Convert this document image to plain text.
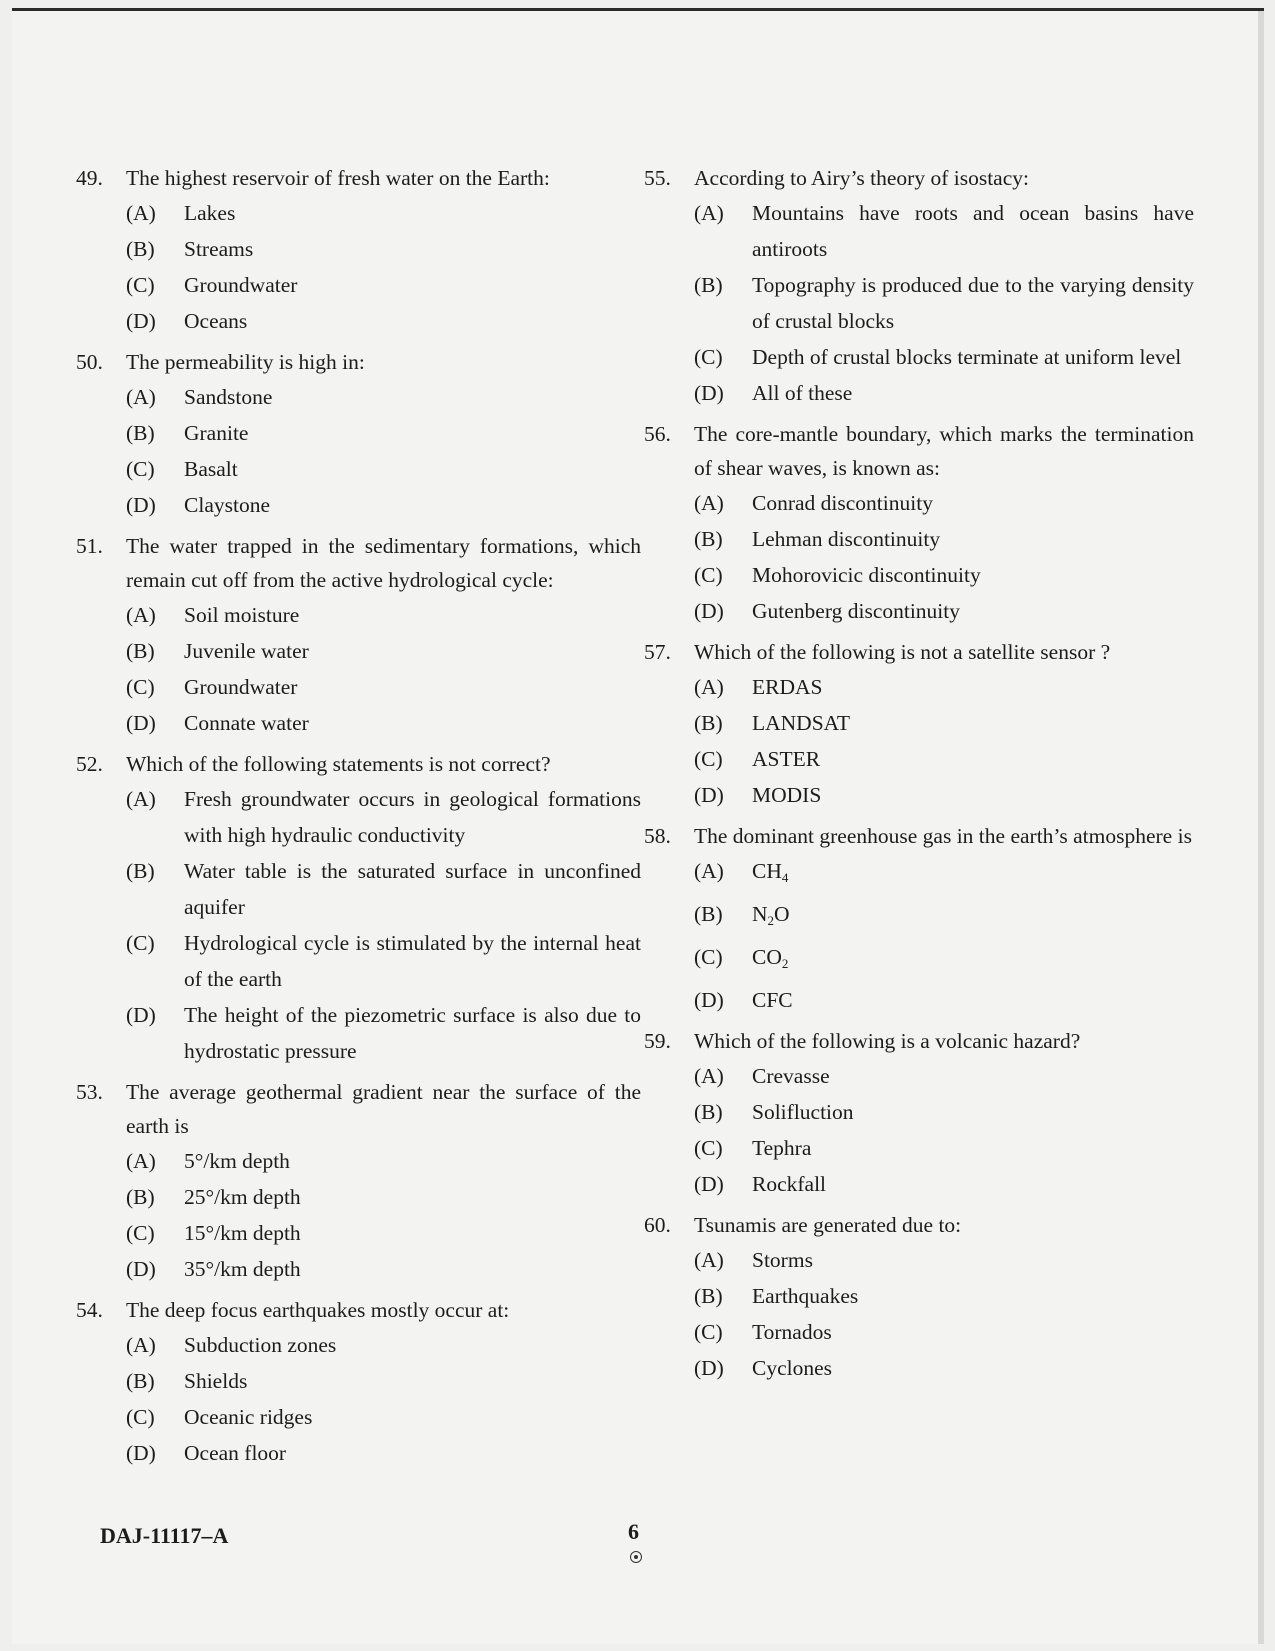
49.	The highest reservoir of fresh water on the Earth:
(A)	Lakes
(B)	Streams
(C)	Groundwater
(D)	Oceans
50.	The permeability is high in:
(A)	Sandstone
(B)	Granite
(C)	Basalt
(D)	Claystone
51.	The water trapped in the sedimentary formations, which remain cut off from the active hydrological cycle:
(A)	Soil moisture
(B)	Juvenile water
(C)	Groundwater
(D)	Connate water
52.	Which of the following statements is not correct?
(A)	Fresh groundwater occurs in geological formations with high hydraulic conductivity
(B)	Water table is the saturated surface in unconfined aquifer
(C)	Hydrological cycle is stimulated by the internal heat of the earth
(D)	The height of the piezometric surface is also due to hydrostatic pressure
53.	The average geothermal gradient near the surface of the earth is
(A)	5°/km depth
(B)	25°/km depth
(C)	15°/km depth
(D)	35°/km depth
54.	The deep focus earthquakes mostly occur at:
(A)	Subduction zones
(B)	Shields
(C)	Oceanic ridges
(D)	Ocean floor
55.	According to Airy’s theory of isostacy:
(A)	Mountains have roots and ocean basins have antiroots
(B)	Topography is produced due to the varying density of crustal blocks
(C)	Depth of crustal blocks terminate at uniform level
(D)	All of these
56.	The core-mantle boundary, which marks the termination of shear waves, is known as:
(A)	Conrad discontinuity
(B)	Lehman discontinuity
(C)	Mohorovicic discontinuity
(D)	Gutenberg discontinuity
57.	Which of the following is not a satellite sensor ?
(A)	ERDAS
(B)	LANDSAT
(C)	ASTER
(D)	MODIS
58.	The dominant greenhouse gas in the earth’s atmosphere is
(A)	$CH_4$
(B)	$N_2O$
(C)	$CO_2$
(D)	CFC
59.	Which of the following is a volcanic hazard?
(A)	Crevasse
(B)	Solifluction
(C)	Tephra
(D)	Rockfall
60.	Tsunamis are generated due to:
(A)	Storms
(B)	Earthquakes
(C)	Tornados
(D)	Cyclones
DAJ-11117–A	6
